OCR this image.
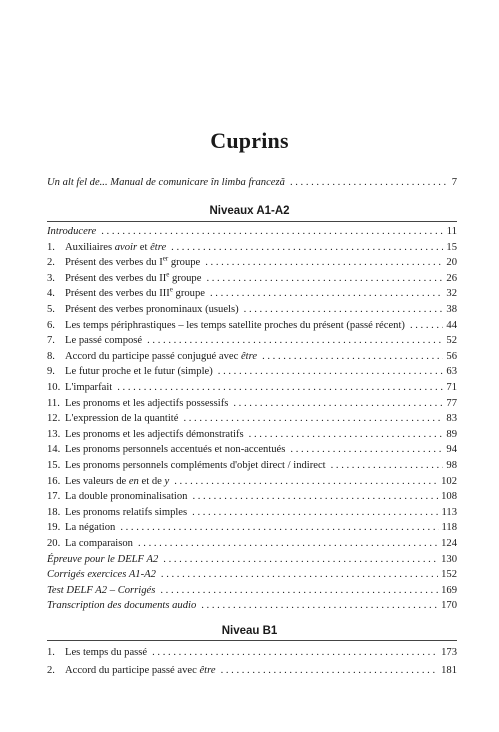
Cuprins
Un alt fel de... Manual de comunicare în limba franceză . . .	7
Niveaux A1-A2
Introducere . . .	11
1. Auxiliaires avoir et être . . .	15
2. Présent des verbes du Ier groupe . . .	20
3. Présent des verbes du IIe groupe . . .	26
4. Présent des verbes du IIIe groupe . . .	32
5. Présent des verbes pronominaux (usuels) . . .	38
6. Les temps périphrastiques – les temps satellite proches du présent (passé récent) . . .	44
7. Le passé composé . . .	52
8. Accord du participe passé conjugué avec être . . .	56
9. Le futur proche et le futur (simple) . . .	63
10. L'imparfait . . .	71
11. Les pronoms et les adjectifs possessifs . . .	77
12. L'expression de la quantité . . .	83
13. Les pronoms et les adjectifs démonstratifs . . .	89
14. Les pronoms personnels accentués et non-accentués . . .	94
15. Les pronoms personnels compléments d'objet direct / indirect . . .	98
16. Les valeurs de en et de y . . .	102
17. La double pronominalisation . . .	108
18. Les pronoms relatifs simples . . .	113
19. La négation . . .	118
20. La comparaison . . .	124
Épreuve pour le DELF A2 . . .	130
Corrigés exercices A1-A2 . . .	152
Test DELF A2 – Corrigés . . .	169
Transcription des documents audio . . .	170
Niveau B1
1. Les temps du passé . . .	173
2. Accord du participe passé avec être . . .	181
